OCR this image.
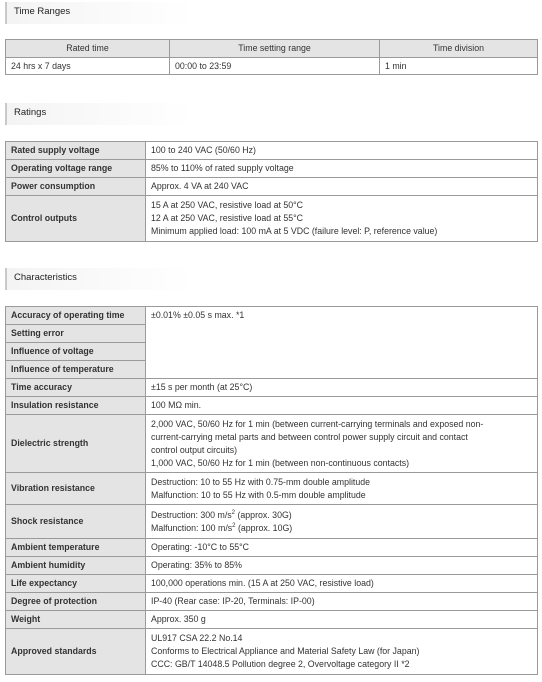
Time Ranges
Rated time	Time setting range	Time division
24 hrs x 7 days	00:00 to 23:59	1 min
Ratings
Rated supply voltage	100 to 240 VAC (50/60 Hz)
Operating voltage range	85% to 110% of rated supply voltage
Power consumption	Approx. 4 VA at 240 VAC
Control outputs	15 A at 250 VAC, resistive load at 50°C
12 A at 250 VAC, resistive load at 55°C
Minimum applied load: 100 mA at 5 VDC (failure level: P, reference value)
Characteristics
Accuracy of operating time	±0.01% ±0.05 s max. *1
Setting error	
Influence of voltage	
Influence of temperature	
Time accuracy	±15 s per month (at 25°C)
Insulation resistance	100 MΩ min.
Dielectric strength	2,000 VAC, 50/60 Hz for 1 min (between current-carrying terminals and exposed non-
current-carrying metal parts and between control power supply circuit and contact
control output circuits)
1,000 VAC, 50/60 Hz for 1 min (between non-continuous contacts)

Vibration resistance	Destruction: 10 to 55 Hz with 0.75-mm double amplitude
Malfunction: 10 to 55 Hz with 0.5-mm double amplitude

Shock resistance	Destruction: 300 $m/s^2$ (approx. 30G)
Malfunction: 100 $m/s^2$ (approx. 10G)

Ambient temperature	Operating: -10°C to 55°C
Ambient humidity	Operating: 35% to 85%
Life expectancy	100,000 operations min. (15 A at 250 VAC, resistive load)
Degree of protection	IP-40 (Rear case: IP-20, Terminals: IP-00)
Weight	Approx. 350 g
Approved standards	UL917 CSA 22.2 No.14
Conforms to Electrical Appliance and Material Safety Law (for Japan)
CCC: GB/T 14048.5 Pollution degree 2, Overvoltage category II *2
